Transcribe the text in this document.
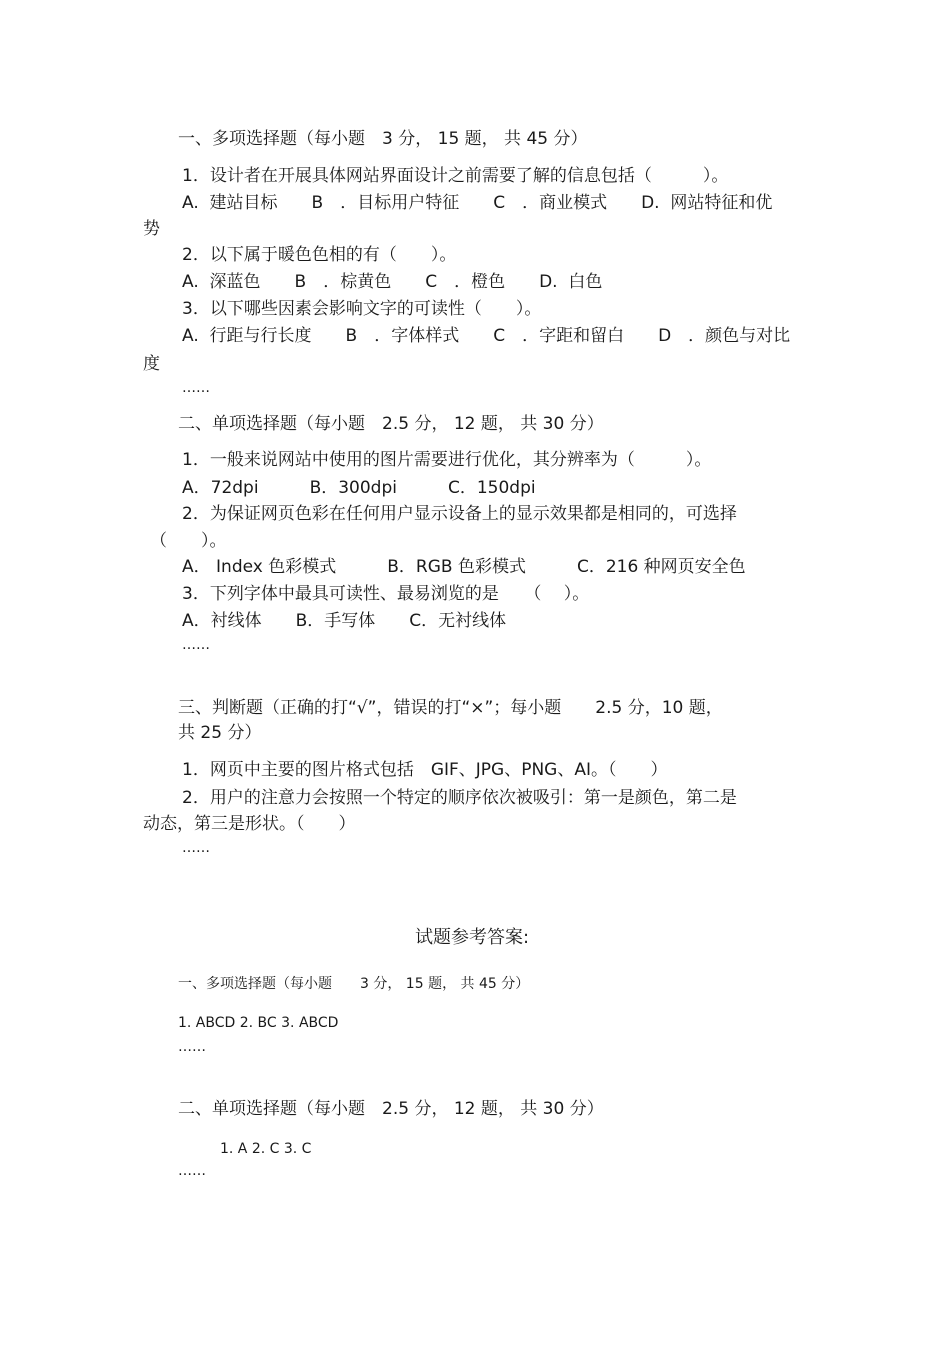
一、多项选择题（每小题　3 分， 15 题， 共 45 分）
1．设计者在开展具体网站界面设计之前需要了解的信息包括（　　　）。
A.  建站目标　　B　．目标用户特征　　C　．商业模式　　D.  网站特征和优
势
2．以下属于暖色色相的有（　　）。
A.  深蓝色　　B　．棕黄色　　C　．橙色　　D.  白色
3．以下哪些因素会影响文字的可读性（　　）。
A.  行距与行长度　　B　．字体样式　　C　．字距和留白　　D　．颜色与对比
度
……
二、单项选择题（每小题　2.5 分， 12 题， 共 30 分）
1．一般来说网站中使用的图片需要进行优化，其分辨率为（　　　）。
A．72dpi　　　B．300dpi　　　C．150dpi
2．为保证网页色彩在任何用户显示设备上的显示效果都是相同的，可选择
（　　）。
A． Index 色彩模式　　　B．RGB 色彩模式　　　C．216 种网页安全色
3．下列字体中最具可读性、最易浏览的是　　（　 ）。
A．衬线体　　B．手写体　　C．无衬线体
……
三、判断题（正确的打“√”，错误的打“×”；每小题　　2.5 分，10 题，
共 25 分）
1．网页中主要的图片格式包括　GIF、JPG、PNG、AI。（　　）
2．用户的注意力会按照一个特定的顺序依次被吸引：第一是颜色，第二是
动态，第三是形状。（　　）
……
试题参考答案:
一、多项选择题（每小题　　3 分， 15 题， 共 45 分）
1. ABCD 2. BC 3. ABCD
……
二、单项选择题（每小题　2.5 分， 12 题， 共 30 分）
1. A 2. C 3. C
……
